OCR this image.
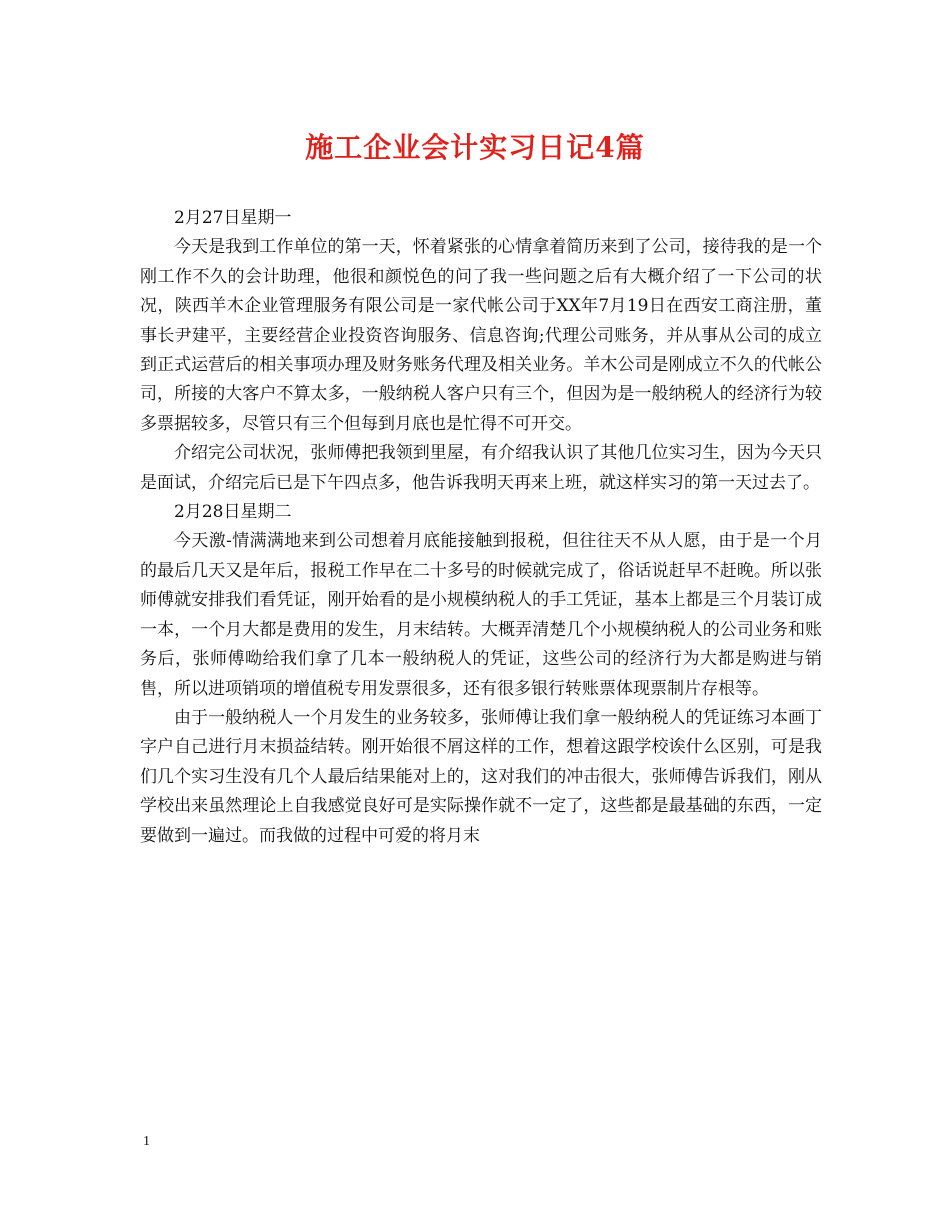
施工企业会计实习日记4篇

2月27日星期一

今天是我到工作单位的第一天，怀着紧张的心情拿着简历来到了公司，接待我的是一个刚工作不久的会计助理，他很和颜悦色的问了我一些问题之后有大概介绍了一下公司的状况，陕西羊木企业管理服务有限公司是一家代帐公司于XX年7月19日在西安工商注册，董事长尹建平，主要经营企业投资咨询服务、信息咨询;代理公司账务，并从事从公司的成立到正式运营后的相关事项办理及财务账务代理及相关业务。羊木公司是刚成立不久的代帐公司，所接的大客户不算太多，一般纳税人客户只有三个，但因为是一般纳税人的经济行为较多票据较多，尽管只有三个但每到月底也是忙得不可开交。

介绍完公司状况，张师傅把我领到里屋，有介绍我认识了其他几位实习生，因为今天只是面试，介绍完后已是下午四点多，他告诉我明天再来上班，就这样实习的第一天过去了。

2月28日星期二

今天激-情满满地来到公司想着月底能接触到报税，但往往天不从人愿，由于是一个月的最后几天又是年后，报税工作早在二十多号的时候就完成了，俗话说赶早不赶晚。所以张师傅就安排我们看凭证，刚开始看的是小规模纳税人的手工凭证，基本上都是三个月装订成一本，一个月大都是费用的发生，月末结转。大概弄清楚几个小规模纳税人的公司业务和账务后，张师傅呦给我们拿了几本一般纳税人的凭证，这些公司的经济行为大都是购进与销售，所以进项销项的增值税专用发票很多，还有很多银行转账票体现票制片存根等。

由于一般纳税人一个月发生的业务较多，张师傅让我们拿一般纳税人的凭证练习本画丁字户自己进行月末损益结转。刚开始很不屑这样的工作，想着这跟学校诶什么区别，可是我们几个实习生没有几个人最后结果能对上的，这对我们的冲击很大，张师傅告诉我们，刚从学校出来虽然理论上自我感觉良好可是实际操作就不一定了，这些都是最基础的东西，一定要做到一遍过。而我做的过程中可爱的将月末

1
